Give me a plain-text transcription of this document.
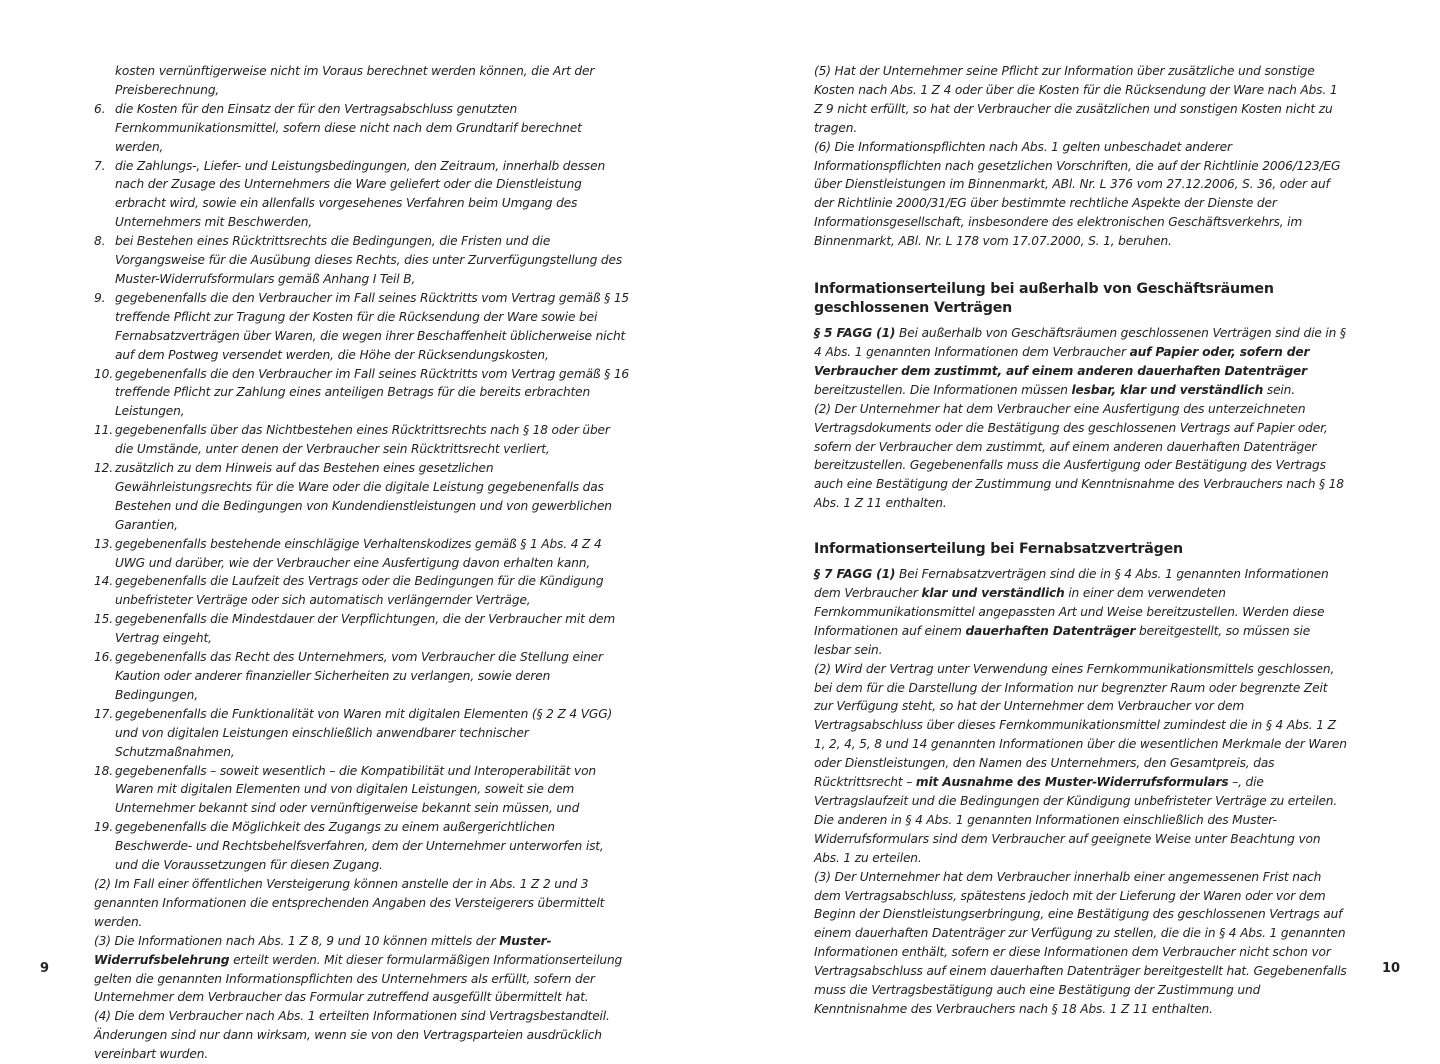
kosten vernünftigerweise nicht im Voraus berechnet werden können, die Art der Preisberechnung,

6. die Kosten für den Einsatz der für den Vertragsabschluss genutzten Fernkommunikationsmittel, sofern diese nicht nach dem Grundtarif berechnet werden,
7. die Zahlungs-, Liefer- und Leistungsbedingungen, den Zeitraum, innerhalb dessen nach der Zusage des Unternehmers die Ware geliefert oder die Dienstleistung erbracht wird, sowie ein allenfalls vorgesehenes Verfahren beim Umgang des Unternehmers mit Beschwerden,
8. bei Bestehen eines Rücktrittsrechts die Bedingungen, die Fristen und die Vorgangsweise für die Ausübung dieses Rechts, dies unter Zurverfügungstellung des Muster-Widerrufsformulars gemäß Anhang I Teil B,
9. gegebenenfalls die den Verbraucher im Fall seines Rücktritts vom Vertrag gemäß § 15 treffende Pflicht zur Tragung der Kosten für die Rücksendung der Ware sowie bei Fernabsatzverträgen über Waren, die wegen ihrer Beschaffenheit üblicherweise nicht auf dem Postweg versendet werden, die Höhe der Rücksendungskosten,
10. gegebenenfalls die den Verbraucher im Fall seines Rücktritts vom Vertrag gemäß § 16 treffende Pflicht zur Zahlung eines anteiligen Betrags für die bereits erbrachten Leistungen,
11. gegebenenfalls über das Nichtbestehen eines Rücktrittsrechts nach § 18 oder über die Umstände, unter denen der Verbraucher sein Rücktrittsrecht verliert,
12. zusätzlich zu dem Hinweis auf das Bestehen eines gesetzlichen Gewährleistungsrechts für die Ware oder die digitale Leistung gegebenenfalls das Bestehen und die Bedingungen von Kundendienstleistungen und von gewerblichen Garantien,
13. gegebenenfalls bestehende einschlägige Verhaltenskodizes gemäß § 1 Abs. 4 Z 4 UWG und darüber, wie der Verbraucher eine Ausfertigung davon erhalten kann,
14. gegebenenfalls die Laufzeit des Vertrags oder die Bedingungen für die Kündigung unbefristeter Verträge oder sich automatisch verlängernder Verträge,
15. gegebenenfalls die Mindestdauer der Verpflichtungen, die der Verbraucher mit dem Vertrag eingeht,
16. gegebenenfalls das Recht des Unternehmers, vom Verbraucher die Stellung einer Kaution oder anderer finanzieller Sicherheiten zu verlangen, sowie deren Bedingungen,
17. gegebenenfalls die Funktionalität von Waren mit digitalen Elementen (§ 2 Z 4 VGG) und von digitalen Leistungen einschließlich anwendbarer technischer Schutzmaßnahmen,
18. gegebenenfalls – soweit wesentlich – die Kompatibilität und Interoperabilität von Waren mit digitalen Elementen und von digitalen Leistungen, soweit sie dem Unternehmer bekannt sind oder vernünftigerweise bekannt sein müssen, und
19. gegebenenfalls die Möglichkeit des Zugangs zu einem außergerichtlichen Beschwerde- und Rechtsbehelfsverfahren, dem der Unternehmer unterworfen ist, und die Voraussetzungen für diesen Zugang.

(2) Im Fall einer öffentlichen Versteigerung können anstelle der in Abs. 1 Z 2 und 3 genannten Informationen die entsprechenden Angaben des Versteigerers übermittelt werden.

(3) Die Informationen nach Abs. 1 Z 8, 9 und 10 können mittels der Muster-Widerrufsbelehrung erteilt werden. Mit dieser formularmäßigen Informationserteilung gelten die genannten Informationspflichten des Unternehmers als erfüllt, sofern der Unternehmer dem Verbraucher das Formular zutreffend ausgefüllt übermittelt hat.

(4) Die dem Verbraucher nach Abs. 1 erteilten Informationen sind Vertragsbestandteil. Änderungen sind nur dann wirksam, wenn sie von den Vertragsparteien ausdrücklich vereinbart wurden.

(5) Hat der Unternehmer seine Pflicht zur Information über zusätzliche und sonstige Kosten nach Abs. 1 Z 4 oder über die Kosten für die Rücksendung der Ware nach Abs. 1 Z 9 nicht erfüllt, so hat der Verbraucher die zusätzlichen und sonstigen Kosten nicht zu tragen.

(6) Die Informationspflichten nach Abs. 1 gelten unbeschadet anderer Informationspflichten nach gesetzlichen Vorschriften, die auf der Richtlinie 2006/123/EG über Dienstleistungen im Binnenmarkt, ABl. Nr. L 376 vom 27.12.2006, S. 36, oder auf der Richtlinie 2000/31/EG über bestimmte rechtliche Aspekte der Dienste der Informationsgesellschaft, insbesondere des elektronischen Geschäftsverkehrs, im Binnenmarkt, ABl. Nr. L 178 vom 17.07.2000, S. 1, beruhen.

Informationserteilung bei außerhalb von Geschäftsräumen
geschlossenen Verträgen

§ 5 FAGG (1) Bei außerhalb von Geschäftsräumen geschlossenen Verträgen sind die in § 4 Abs. 1 genannten Informationen dem Verbraucher auf Papier oder, sofern der Verbraucher dem zustimmt, auf einem anderen dauerhaften Datenträger bereitzustellen. Die Informationen müssen lesbar, klar und verständlich sein.

(2) Der Unternehmer hat dem Verbraucher eine Ausfertigung des unterzeichneten Vertragsdokuments oder die Bestätigung des geschlossenen Vertrags auf Papier oder, sofern der Verbraucher dem zustimmt, auf einem anderen dauerhaften Datenträger bereitzustellen. Gegebenenfalls muss die Ausfertigung oder Bestätigung des Vertrags auch eine Bestätigung der Zustimmung und Kenntnisnahme des Verbrauchers nach § 18 Abs. 1 Z 11 enthalten.

Informationserteilung bei Fernabsatzverträgen

§ 7 FAGG (1) Bei Fernabsatzverträgen sind die in § 4 Abs. 1 genannten Informationen dem Verbraucher klar und verständlich in einer dem verwendeten Fernkommunikationsmittel angepassten Art und Weise bereitzustellen. Werden diese Informationen auf einem dauerhaften Datenträger bereitgestellt, so müssen sie lesbar sein.

(2) Wird der Vertrag unter Verwendung eines Fernkommunikationsmittels geschlossen, bei dem für die Darstellung der Information nur begrenzter Raum oder begrenzte Zeit zur Verfügung steht, so hat der Unternehmer dem Verbraucher vor dem Vertragsabschluss über dieses Fernkommunikationsmittel zumindest die in § 4 Abs. 1 Z 1, 2, 4, 5, 8 und 14 genannten Informationen über die wesentlichen Merkmale der Waren oder Dienstleistungen, den Namen des Unternehmers, den Gesamtpreis, das Rücktrittsrecht – mit Ausnahme des Muster-Widerrufsformulars –, die Vertragslaufzeit und die Bedingungen der Kündigung unbefristeter Verträge zu erteilen. Die anderen in § 4 Abs. 1 genannten Informationen einschließlich des Muster-Widerrufsformulars sind dem Verbraucher auf geeignete Weise unter Beachtung von Abs. 1 zu erteilen.

(3) Der Unternehmer hat dem Verbraucher innerhalb einer angemessenen Frist nach dem Vertragsabschluss, spätestens jedoch mit der Lieferung der Waren oder vor dem Beginn der Dienstleistungserbringung, eine Bestätigung des geschlossenen Vertrags auf einem dauerhaften Datenträger zur Verfügung zu stellen, die die in § 4 Abs. 1 genannten Informationen enthält, sofern er diese Informationen dem Verbraucher nicht schon vor Vertragsabschluss auf einem dauerhaften Datenträger bereitgestellt hat. Gegebenenfalls muss die Vertragsbestätigung auch eine Bestätigung der Zustimmung und Kenntnisnahme des Verbrauchers nach § 18 Abs. 1 Z 11 enthalten.

9	10
